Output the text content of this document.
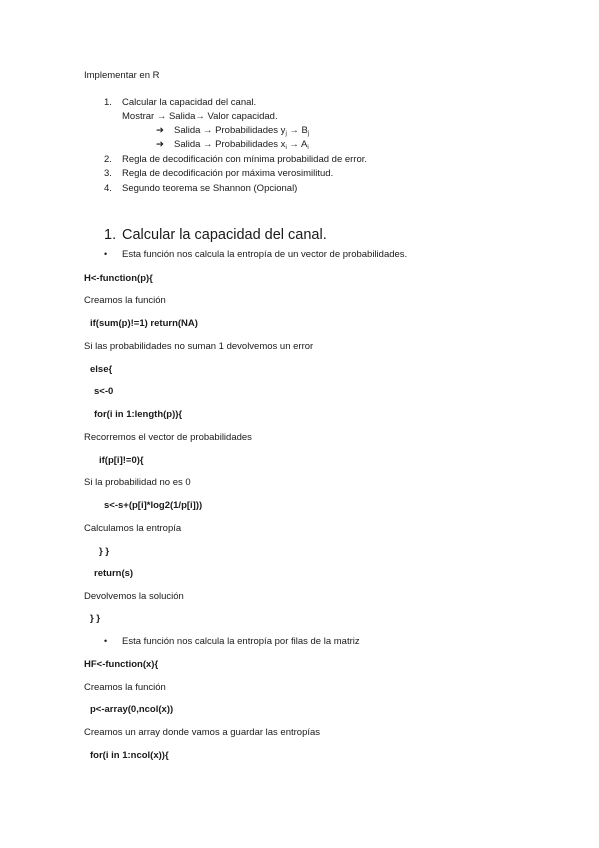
Implementar en R
1. Calcular la capacidad del canal.
Mostrar → Salida→ Valor capacidad.
➔ Salida → Probabilidades $y_j \to B_j$
➔ Salida → Probabilidades $x_i \to A_i$
2. Regla de decodificación con mínima probabilidad de error.
3. Regla de decodificación por máxima verosimilitud.
4. Segundo teorema se Shannon (Opcional)
1. Calcular la capacidad del canal.
• Esta función nos calcula la entropía de un vector de probabilidades.
H<-function(p){
Creamos la función
if(sum(p)!=1) return(NA)
Si las probabilidades no suman 1 devolvemos un error
else{
s<-0
for(i in 1:length(p)){
Recorremos el vector de probabilidades
if(p[i]!=0){
Si la probabilidad no es 0
s<-s+(p[i]*log2(1/p[i]))
Calculamos la entropía
} }
return(s)
Devolvemos la solución
} }
• Esta función nos calcula la entropía por filas de la matriz
HF<-function(x){
Creamos la función
p<-array(0,ncol(x))
Creamos un array donde vamos a guardar las entropías
for(i in 1:ncol(x)){
